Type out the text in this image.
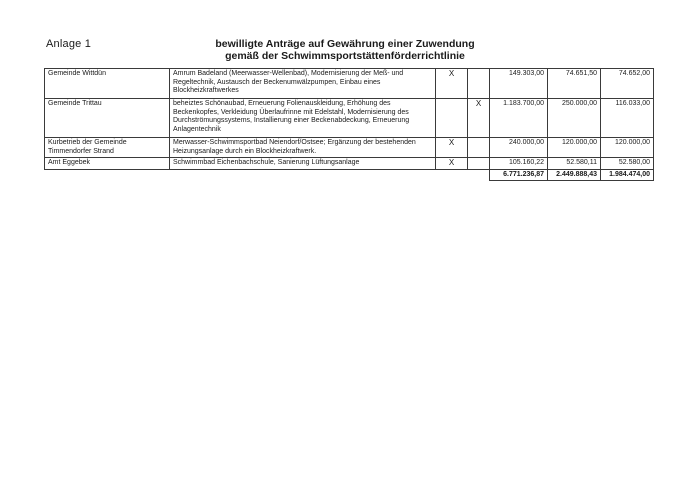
Anlage 1	bewilligte Anträge auf Gewährung einer Zuwendung
gemäß der Schwimmsportstättenförderrichtlinie
Gemeinde Wittdün	Amrum Badeland (Meerwasser-Wellenbad), Modernisierung der Meß- und Regeltechnik, Austausch der Beckenumwälzpumpen, Einbau eines Blockheizkraftwerkes	X		149.303,00	74.651,50	74.652,00
Gemeinde Trittau	beheiztes Schönaubad, Erneuerung Folienauskleidung, Erhöhung des Beckenkopfes, Verkleidung Überlaufrinne mit Edelstahl, Modernisierung des Durchströmungssystems, Installierung einer Beckenabdeckung, Erneuerung Anlagentechnik		X	1.183.700,00	250.000,00	116.033,00
Kurbetrieb der Gemeinde Timmendorfer Strand	Merwasser-Schwimmsportbad Neiendorf/Ostsee; Ergänzung der bestehenden Heizungsanlage durch ein Blockheizkraftwerk.	X		240.000,00	120.000,00	120.000,00
Amt Eggebek	Schwimmbad Eichenbachschule, Sanierung Lüftungsanlage	X		105.160,22	52.580,11	52.580,00
				6.771.236,87	2.449.888,43	1.984.474,00
